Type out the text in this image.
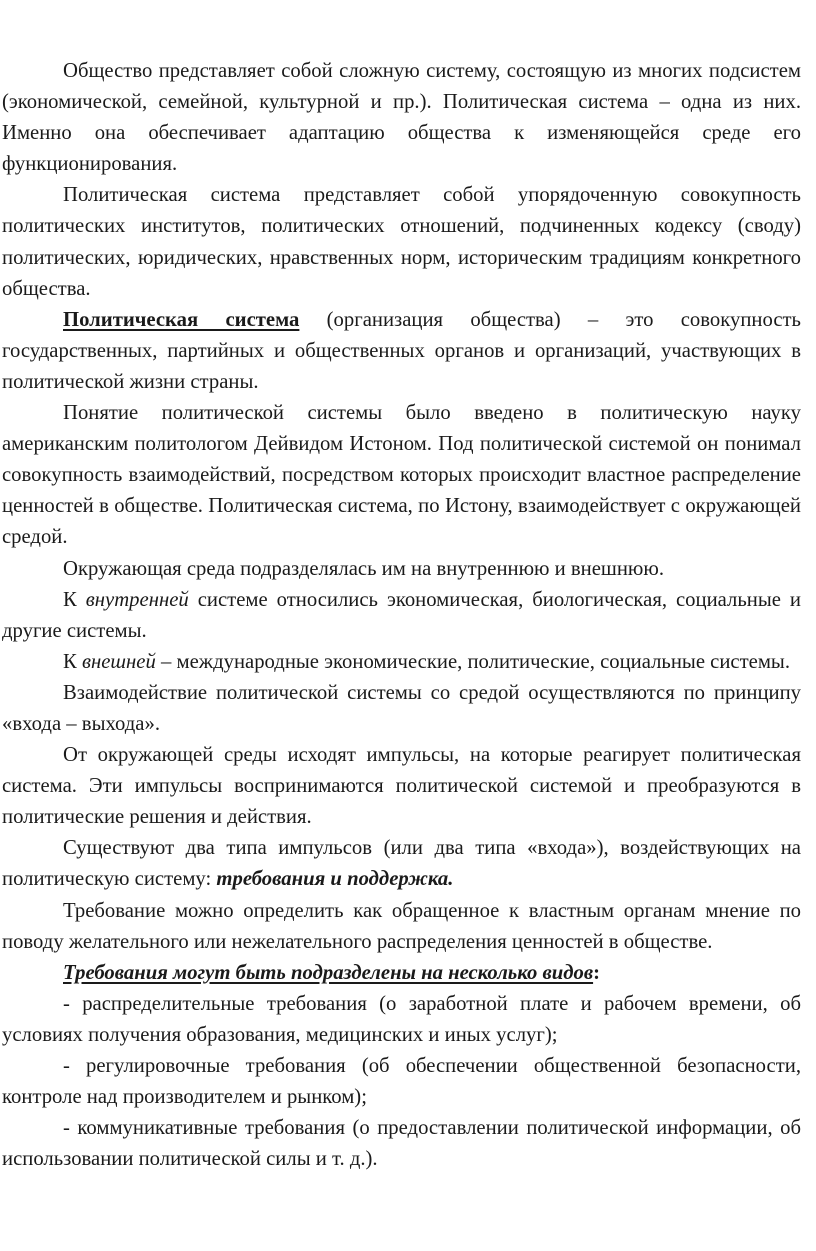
Общество представляет собой сложную систему, состоящую из многих подсистем (экономической, семейной, культурной и пр.). Политическая система – одна из них. Именно она обеспечивает адаптацию общества к изменяющейся среде его функционирования.

Политическая система представляет собой упорядоченную совокупность политических институтов, политических отношений, подчиненных кодексу (своду) политических, юридических, нравственных норм, историческим традициям конкретного общества.

Политическая система (организация общества) – это совокупность государственных, партийных и общественных органов и организаций, участвующих в политической жизни страны.

Понятие политической системы было введено в политическую науку американским политологом Дейвидом Истоном. Под политической системой он понимал совокупность взаимодействий, посредством которых происходит властное распределение ценностей в обществе. Политическая система, по Истону, взаимодействует с окружающей средой.

Окружающая среда подразделялась им на внутреннюю и внешнюю.

К внутренней системе относились экономическая, биологическая, социальные и другие системы.

К внешней – международные экономические, политические, социальные системы.

Взаимодействие политической системы со средой осуществляются по принципу «входа – выхода».

От окружающей среды исходят импульсы, на которые реагирует политическая система. Эти импульсы воспринимаются политической системой и преобразуются в политические решения и действия.

Существуют два типа импульсов (или два типа «входа»), воздействующих на политическую систему: требования и поддержка.

Требование можно определить как обращенное к властным органам мнение по поводу желательного или нежелательного распределения ценностей в обществе.

Требования могут быть подразделены на несколько видов:

- распределительные требования (о заработной плате и рабочем времени, об условиях получения образования, медицинских и иных услуг);

- регулировочные требования (об обеспечении общественной безопасности, контроле над производителем и рынком);

- коммуникативные требования (о предоставлении политической информации, об использовании политической силы и т. д.).
